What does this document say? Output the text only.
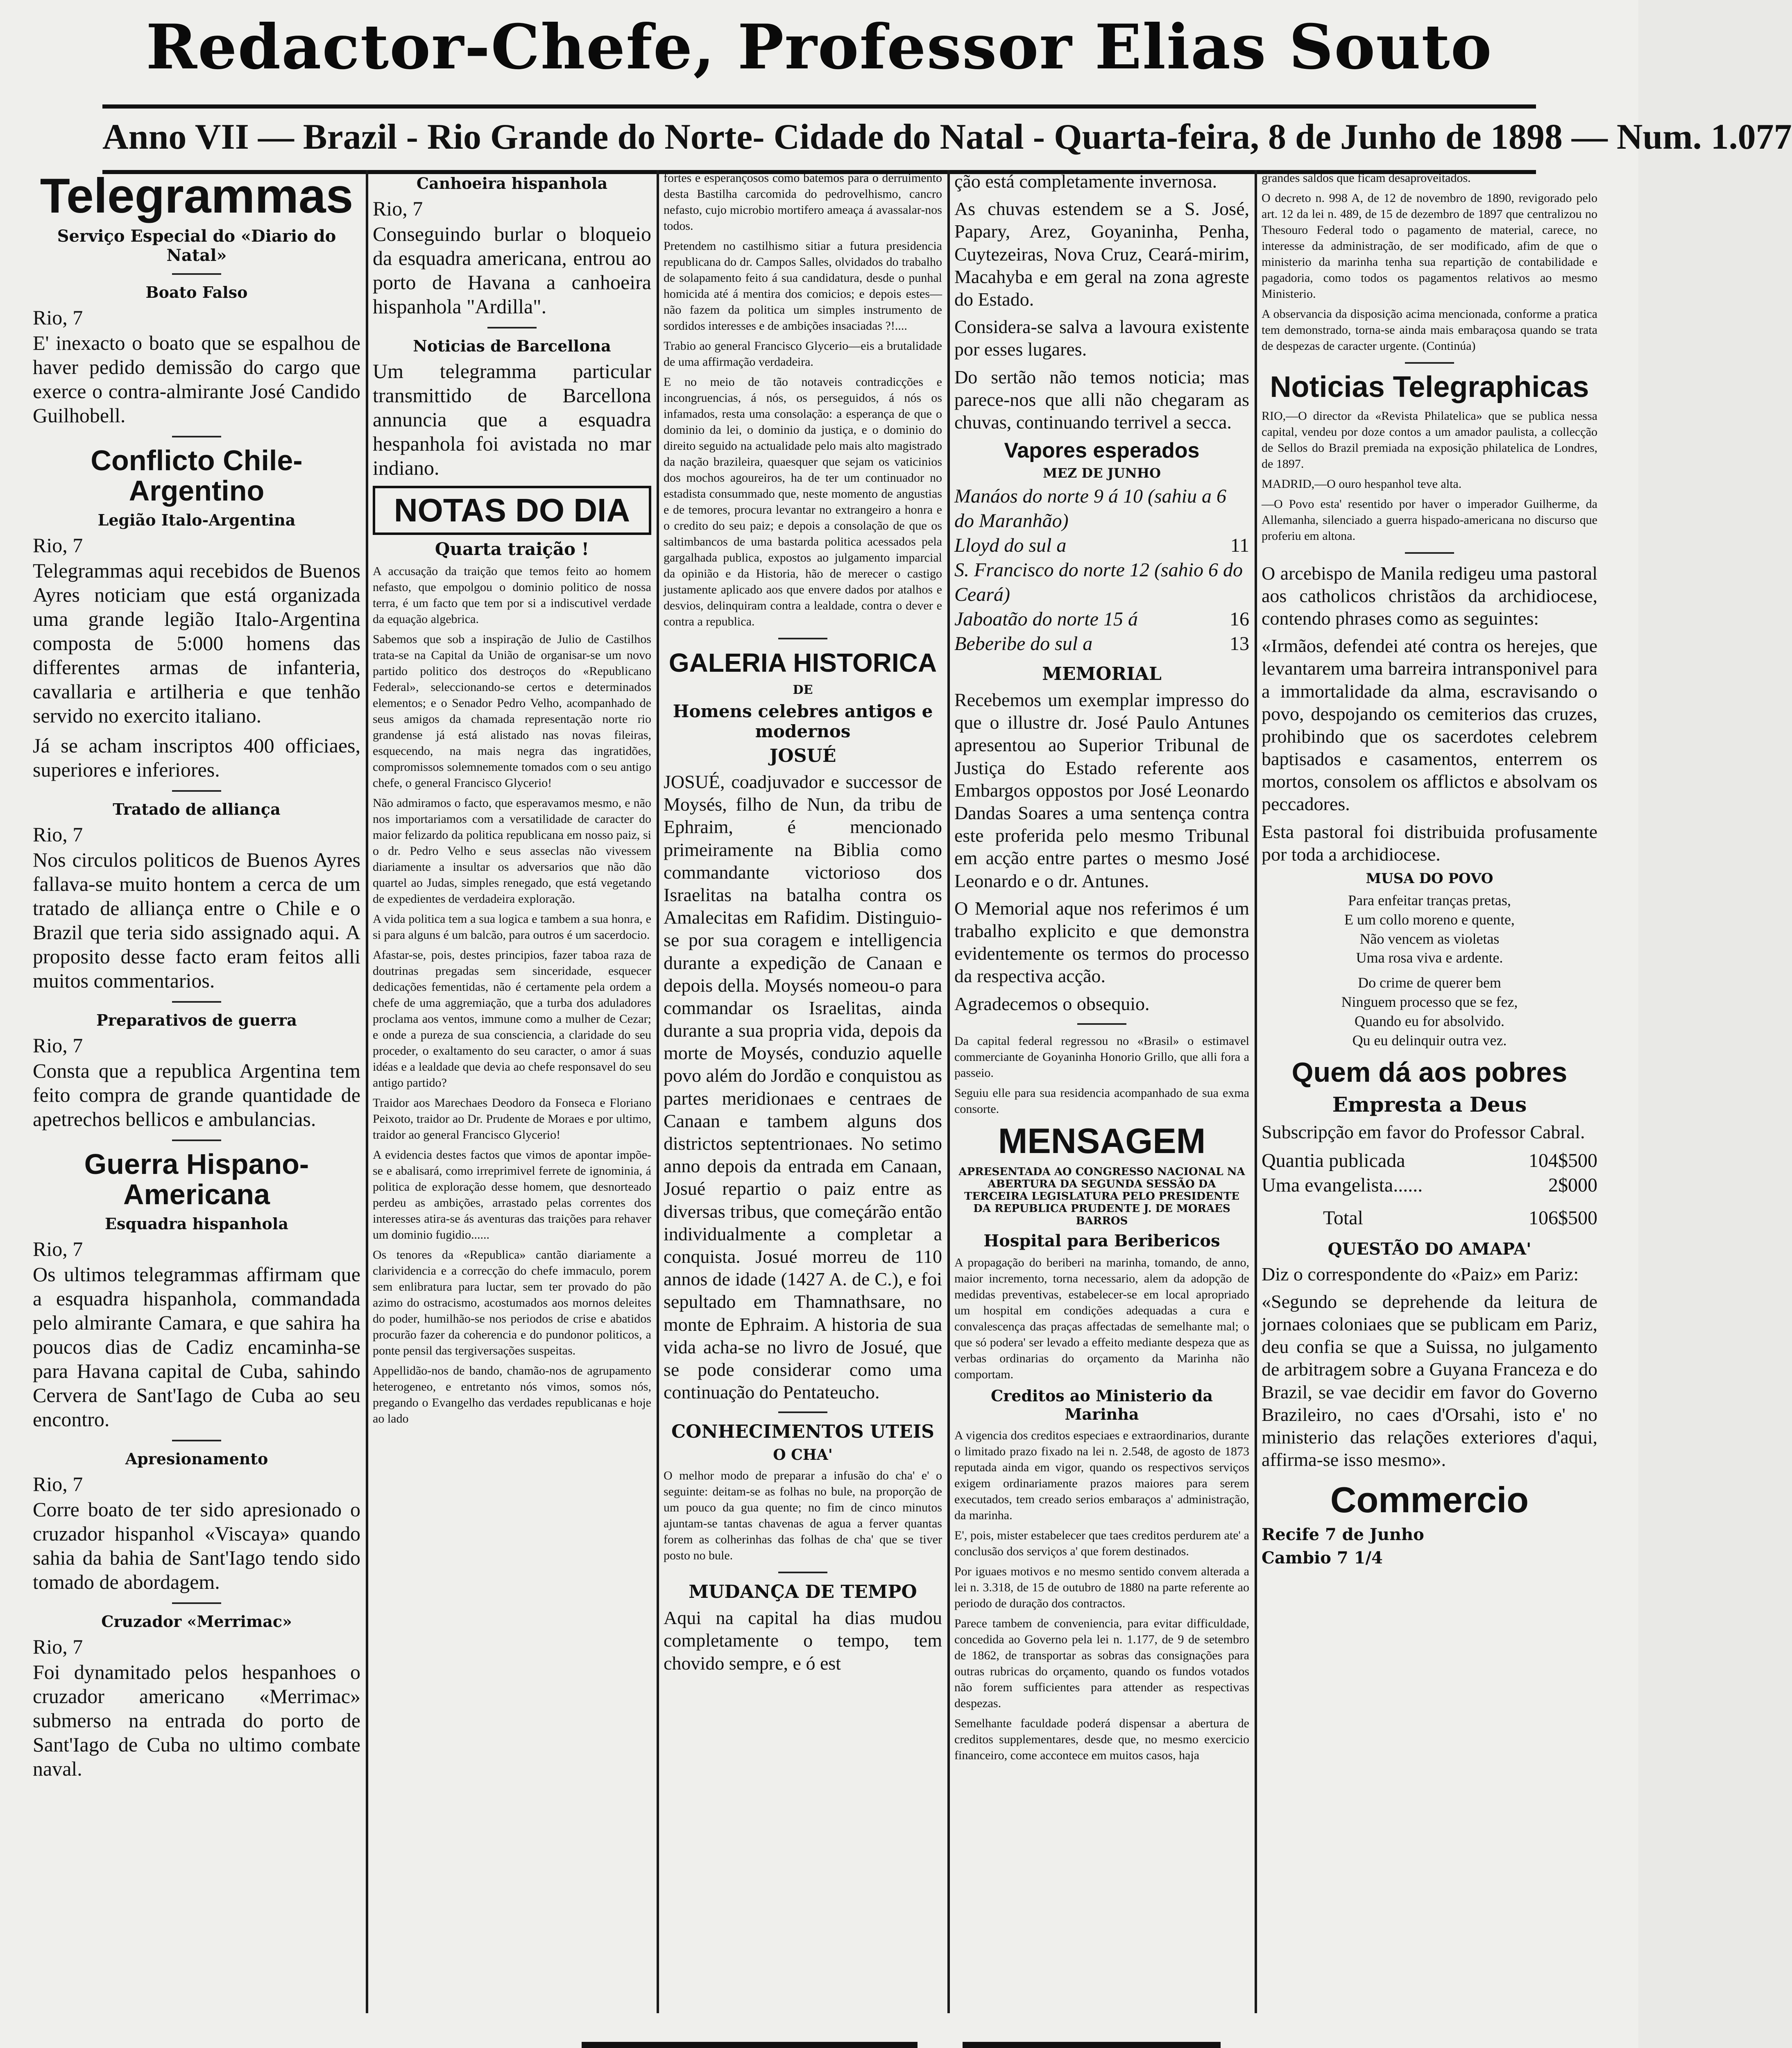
Redactor-Chefe, Professor Elias Souto
Anno VII — Brazil - Rio Grande do Norte- Cidade do Natal - Quarta-feira, 8 de Junho de 1898 — Num. 1.077
Telegrammas
Serviço Especial do «Diario do Natal»
Boato Falso
Rio, 7

E' inexacto o boato que se espalhou de haver pedido demissão do cargo que exerce o contra-almirante José Candido Guilhobell.

Conflicto Chile-Argentino
Legião Italo-Argentina
Rio, 7

Telegrammas aqui recebidos de Buenos Ayres noticiam que está organizada uma grande legião Italo-Argentina composta de 5:000 homens das differentes armas de infanteria, cavallaria e artilheria e que tenhão servido no exercito italiano.

Já se acham inscriptos 400 officiaes, superiores e inferiores.

Tratado de alliança
Rio, 7

Nos circulos politicos de Buenos Ayres fallava-se muito hontem a cerca de um tratado de alliança entre o Chile e o Brazil que teria sido assignado aqui. A proposito desse facto eram feitos alli muitos commentarios.

Preparativos de guerra
Rio, 7

Consta que a republica Argentina tem feito compra de grande quantidade de apetrechos bellicos e ambulancias.

Guerra Hispano-Americana
Esquadra hispanhola
Rio, 7

Os ultimos telegrammas affirmam que a esquadra hispanhola, commandada pelo almirante Camara, e que sahira ha poucos dias de Cadiz encaminha-se para Havana capital de Cuba, sahindo Cervera de Sant'Iago de Cuba ao seu encontro.

Apresionamento
Rio, 7

Corre boato de ter sido apresionado o cruzador hispanhol «Viscaya» quando sahia da bahia de Sant'Iago tendo sido tomado de abordagem.

Cruzador «Merrimac»
Rio, 7

Foi dynamitado pelos hespanhoes o cruzador americano «Merrimac» submerso na entrada do porto de Sant'Iago de Cuba no ultimo combate naval.

Canhoeira hispanhola
Rio, 7

Conseguindo burlar o bloqueio da esquadra americana, entrou ao porto de Havana a canhoeira hispanhola "Ardilla".

Noticias de Barcellona

Um telegramma particular transmittido de Barcellona annuncia que a esquadra hespanhola foi avistada no mar indiano.

NOTAS DO DIA
Quarta traição !

A accusação da traição que temos feito ao homem nefasto, que empolgou o dominio politico de nossa terra, é um facto que tem por si a indiscutivel verdade da equação algebrica.

Sabemos que sob a inspiração de Julio de Castilhos trata-se na Capital da União de organisar-se um novo partido politico dos destroços do «Republicano Federal», seleccionando-se certos e determinados elementos; e o Senador Pedro Velho, acompanhado de seus amigos da chamada representação norte rio grandense já está alistado nas novas fileiras, esquecendo, na mais negra das ingratidões, compromissos solemnemente tomados com o seu antigo chefe, o general Francisco Glycerio!

Não admiramos o facto, que esperavamos mesmo, e não nos importariamos com a versatilidade de caracter do maior felizardo da politica republicana em nosso paiz, si o dr. Pedro Velho e seus asseclas não vivessem diariamente a insultar os adversarios que não dão quartel ao Judas, simples renegado, que está vegetando de expedientes de verdadeira exploração.

A vida politica tem a sua logica e tambem a sua honra, e si para alguns é um balcão, para outros é um sacerdocio.

Afastar-se, pois, destes principios, fazer taboa raza de doutrinas pregadas sem sinceridade, esquecer dedicações fementidas, não é certamente pela ordem a chefe de uma aggremiação, que a turba dos aduladores proclama aos ventos, immune como a mulher de Cezar; e onde a pureza de sua consciencia, a claridade do seu proceder, o exaltamento do seu caracter, o amor á suas idéas e a lealdade que devia ao chefe responsavel do seu antigo partido?

Traidor aos Marechaes Deodoro da Fonseca e Floriano Peixoto, traidor ao Dr. Prudente de Moraes e por ultimo, traidor ao general Francisco Glycerio!

A evidencia destes factos que vimos de apontar impõe-se e abalisará, como irreprimivel ferrete de ignominia, á politica de exploração desse homem, que desnorteado perdeu as ambições, arrastado pelas correntes dos interesses atira-se ás aventuras das traições para rehaver um dominio fugidio......

Os tenores da «Republica» cantão diariamente a clarividencia e a correcção do chefe immaculo, porem sem enlibratura para luctar, sem ter provado do pão azimo do ostracismo, acostumados aos mornos deleites do poder, humilhão-se nos periodos de crise e abatidos procurão fazer da coherencia e do pundonor politicos, a ponte pensil das tergiversações suspeitas.

Appellidão-nos de bando, chamão-nos de agrupamento heterogeneo, e entretanto nós vimos, somos nós, pregando o Evangelho das verdades republicanas e hoje ao lado

fortes e esperançosos como batemos para o derruimento desta Bastilha carcomida do pedrovelhismo, cancro nefasto, cujo microbio mortifero ameaça á avassalar-nos todos.

Pretendem no castilhismo sitiar a futura presidencia republicana do dr. Campos Salles, olvidados do trabalho de solapamento feito á sua candidatura, desde o punhal homicida até á mentira dos comicios; e depois estes—não fazem da politica um simples instrumento de sordidos interesses e de ambições insaciadas ?!....

Trabio ao general Francisco Glycerio—eis a brutalidade de uma affirmação verdadeira.

E no meio de tão notaveis contradicções e incongruencias, á nós, os perseguidos, á nós os infamados, resta uma consolação: a esperança de que o dominio da lei, o dominio da justiça, e o dominio do direito seguido na actualidade pelo mais alto magistrado da nação brazileira, quaesquer que sejam os vaticinios dos mochos agoureiros, ha de ter um continuador no estadista consummado que, neste momento de angustias e de temores, procura levantar no extrangeiro a honra e o credito do seu paiz; e depois a consolação de que os saltimbancos de uma bastarda politica acessados pela gargalhada publica, expostos ao julgamento imparcial da opinião e da Historia, hão de merecer o castigo justamente aplicado aos que envere dados por atalhos e desvios, delinquiram contra a lealdade, contra o dever e contra a republica.

GALERIA HISTORICA
DE
Homens celebres antigos e modernos
JOSUÉ

JOSUÉ, coadjuvador e successor de Moysés, filho de Nun, da tribu de Ephraim, é mencionado primeiramente na Biblia como commandante victorioso dos Israelitas na batalha contra os Amalecitas em Rafidim. Distinguio-se por sua coragem e intelligencia durante a expedição de Canaan e depois della. Moysés nomeou-o para commandar os Israelitas, ainda durante a sua propria vida, depois da morte de Moysés, conduzio aquelle povo além do Jordão e conquistou as partes meridionaes e centraes de Canaan e tambem alguns dos districtos septentrionaes. No setimo anno depois da entrada em Canaan, Josué repartio o paiz entre as diversas tribus, que começárão então individualmente a completar a conquista. Josué morreu de 110 annos de idade (1427 A. de C.), e foi sepultado em Thamnathsare, no monte de Ephraim. A historia de sua vida acha-se no livro de Josué, que se pode considerar como uma continuação do Pentateucho.

CONHECIMENTOS UTEIS
O CHA'

O melhor modo de preparar a infusão do cha' e' o seguinte: deitam-se as folhas no bule, na proporção de um pouco da gua quente; no fim de cinco minutos ajuntam-se tantas chavenas de agua a ferver quantas forem as colherinhas das folhas de cha' que se tiver posto no bule.

MUDANÇA DE TEMPO

Aqui na capital ha dias mudou completamente o tempo, tem chovido sempre, e ó est

ção está completamente invernosa.

As chuvas estendem se a S. José, Papary, Arez, Goyaninha, Penha, Cuytezeiras, Nova Cruz, Ceará-mirim, Macahyba e em geral na zona agreste do Estado.

Considera-se salva a lavoura existente por esses lugares.

Do sertão não temos noticia; mas parece-nos que alli não chegaram as chuvas, continuando terrivel a secca.

Vapores esperados
MEZ DE JUNHO
Manáos do norte 9 á 10 (sahiu a 6 do Maranhão)
Lloyd do sul a	11
S. Francisco do norte 12 (sahio 6 do Ceará)
Jaboatão do norte 15 á	16
Beberibe do sul a	13
MEMORIAL

Recebemos um exemplar impresso do que o illustre dr. José Paulo Antunes apresentou ao Superior Tribunal de Justiça do Estado referente aos Embargos oppostos por José Leonardo Dandas Soares a uma sentença contra este proferida pelo mesmo Tribunal em acção entre partes o mesmo José Leonardo e o dr. Antunes.

O Memorial aque nos referimos é um trabalho explicito e que demonstra evidentemente os termos do processo da respectiva acção.

Agradecemos o obsequio.

Da capital federal regressou no «Brasil» o estimavel commerciante de Goyaninha Honorio Grillo, que alli fora a passeio.

Seguiu elle para sua residencia acompanhado de sua exma consorte.

MENSAGEM
APRESENTADA AO CONGRESSO NACIONAL NA ABERTURA DA SEGUNDA SESSÃO DA TERCEIRA LEGISLATURA PELO PRESIDENTE DA REPUBLICA PRUDENTE J. DE MORAES BARROS
Hospital para Beribericos

A propagação do beriberi na marinha, tomando, de anno, maior incremento, torna necessario, alem da adopção de medidas preventivas, estabelecer-se em local apropriado um hospital em condições adequadas a cura e convalescença das praças affectadas de semelhante mal; o que só podera' ser levado a effeito mediante despeza que as verbas ordinarias do orçamento da Marinha não comportam.

Creditos ao Ministerio da Marinha

A vigencia dos creditos especiaes e extraordinarios, durante o limitado prazo fixado na lei n. 2.548, de agosto de 1873 reputada ainda em vigor, quando os respectivos serviços exigem ordinariamente prazos maiores para serem executados, tem creado serios embaraços a' administração, da marinha.

E', pois, mister estabelecer que taes creditos perdurem ate' a conclusão dos serviços a' que forem destinados.

Por iguaes motivos e no mesmo sentido convem alterada a lei n. 3.318, de 15 de outubro de 1880 na parte referente ao periodo de duração dos contractos.

Parece tambem de conveniencia, para evitar difficuldade, concedida ao Governo pela lei n. 1.177, de 9 de setembro de 1862, de transportar as sobras das consignações para outras rubricas do orçamento, quando os fundos votados não forem sufficientes para attender as respectivas despezas.

Semelhante faculdade poderá dispensar a abertura de creditos supplementares, desde que, no mesmo exercicio financeiro, come accontece em muitos casos, haja

grandes saldos que ficam desaproveitados.

O decreto n. 998 A, de 12 de novembro de 1890, revigorado pelo art. 12 da lei n. 489, de 15 de dezembro de 1897 que centralizou no Thesouro Federal todo o pagamento de material, carece, no interesse da administração, de ser modificado, afim de que o ministerio da marinha tenha sua repartição de contabilidade e pagadoria, como todos os pagamentos relativos ao mesmo Ministerio.

A observancia da disposição acima mencionada, conforme a pratica tem demonstrado, torna-se ainda mais embaraçosa quando se trata de despezas de caracter urgente. (Continúa)

Noticias Telegraphicas

RIO,—O director da «Revista Philatelica» que se publica nessa capital, vendeu por doze contos a um amador paulista, a collecção de Sellos do Brazil premiada na exposição philatelica de Londres, de 1897.

MADRID,—O ouro hespanhol teve alta.

—O Povo esta' resentido por haver o imperador Guilherme, da Allemanha, silenciado a guerra hispado-americana no discurso que proferiu em altona.

O arcebispo de Manila redigeu uma pastoral aos catholicos christãos da archidiocese, contendo phrases como as seguintes:

«Irmãos, defendei até contra os herejes, que levantarem uma barreira intransponivel para a immortalidade da alma, escravisando o povo, despojando os cemiterios das cruzes, prohibindo que os sacerdotes celebrem baptisados e casamentos, enterrem os mortos, consolem os afflictos e absolvam os peccadores.

Esta pastoral foi distribuida profusamente por toda a archidiocese.

MUSA DO POVO
Para enfeitar tranças pretas,
E um collo moreno e quente,
Não vencem as violetas
Uma rosa viva e ardente.
Do crime de querer bem
Ninguem processo que se fez,
Quando eu for absolvido.
Qu eu delinquir outra vez.
Quem dá aos pobres
Empresta a Deus

Subscripção em favor do Professor Cabral.

Quantia publicada	104$500
Uma evangelista......	2$000
Total	106$500
QUESTÃO DO AMAPA'

Diz o correspondente do «Paiz» em Pariz:

«Segundo se deprehende da leitura de jornaes coloniaes que se publicam em Pariz, deu confia se que a Suissa, no julgamento de arbitragem sobre a Guyana Franceza e do Brazil, se vae decidir em favor do Governo Brazileiro, no caes d'Orsahi, isto e' no ministerio das relações exteriores d'aqui, affirma-se isso mesmo».

Commercio
Recife 7 de Junho
Cambio 7 1/4
